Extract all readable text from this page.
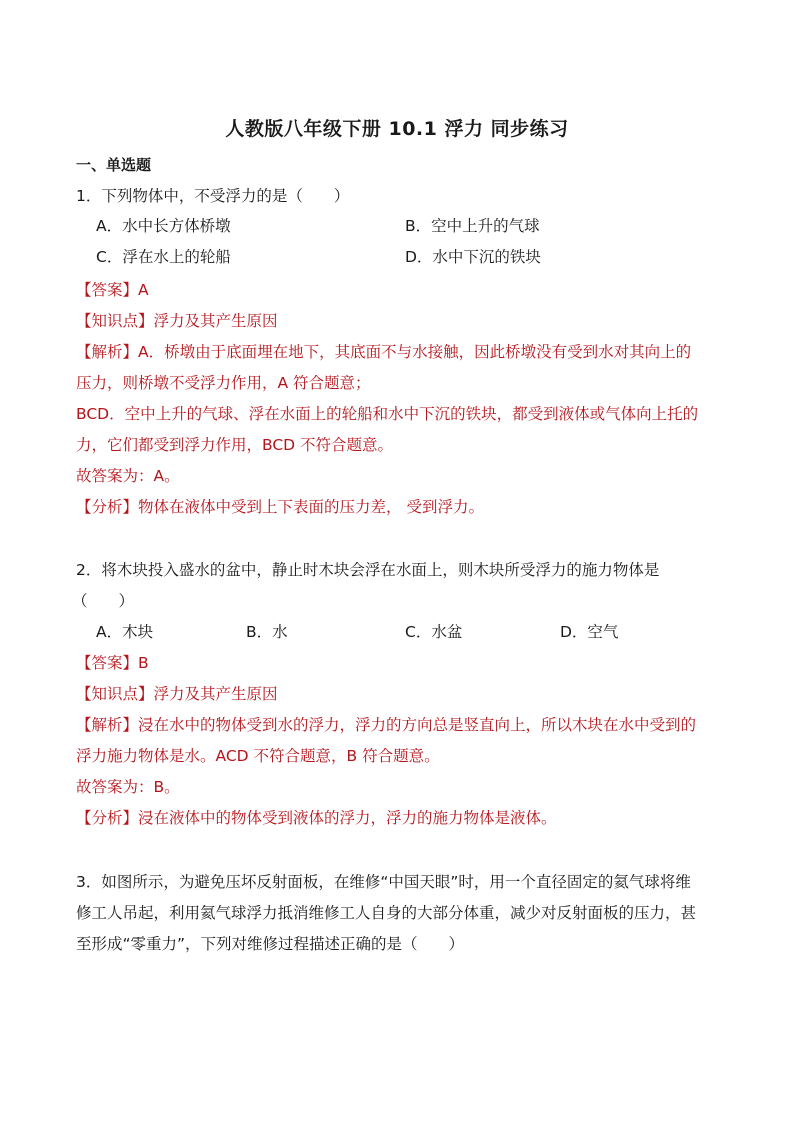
人教版八年级下册 10.1 浮力 同步练习
一、单选题
1．下列物体中，不受浮力的是（　　）
A．水中长方体桥墩	B．空中上升的气球
C．浮在水上的轮船	D．水中下沉的铁块
【答案】A
【知识点】浮力及其产生原因
【解析】A．桥墩由于底面埋在地下，其底面不与水接触，因此桥墩没有受到水对其向上的
压力，则桥墩不受浮力作用，A 符合题意；
BCD．空中上升的气球、浮在水面上的轮船和水中下沉的铁块，都受到液体或气体向上托的
力，它们都受到浮力作用，BCD 不符合题意。
故答案为：A。
【分析】物体在液体中受到上下表面的压力差， 受到浮力。
2．将木块投入盛水的盆中，静止时木块会浮在水面上，则木块所受浮力的施力物体是
（　　）
A．木块	B．水	C．水盆	D．空气
【答案】B
【知识点】浮力及其产生原因
【解析】浸在水中的物体受到水的浮力，浮力的方向总是竖直向上，所以木块在水中受到的
浮力施力物体是水。ACD 不符合题意，B 符合题意。
故答案为：B。
【分析】浸在液体中的物体受到液体的浮力，浮力的施力物体是液体。
3．如图所示，为避免压坏反射面板，在维修“中国天眼”时，用一个直径固定的氦气球将维
修工人吊起，利用氦气球浮力抵消维修工人自身的大部分体重，减少对反射面板的压力，甚
至形成“零重力”，下列对维修过程描述正确的是（　　）
